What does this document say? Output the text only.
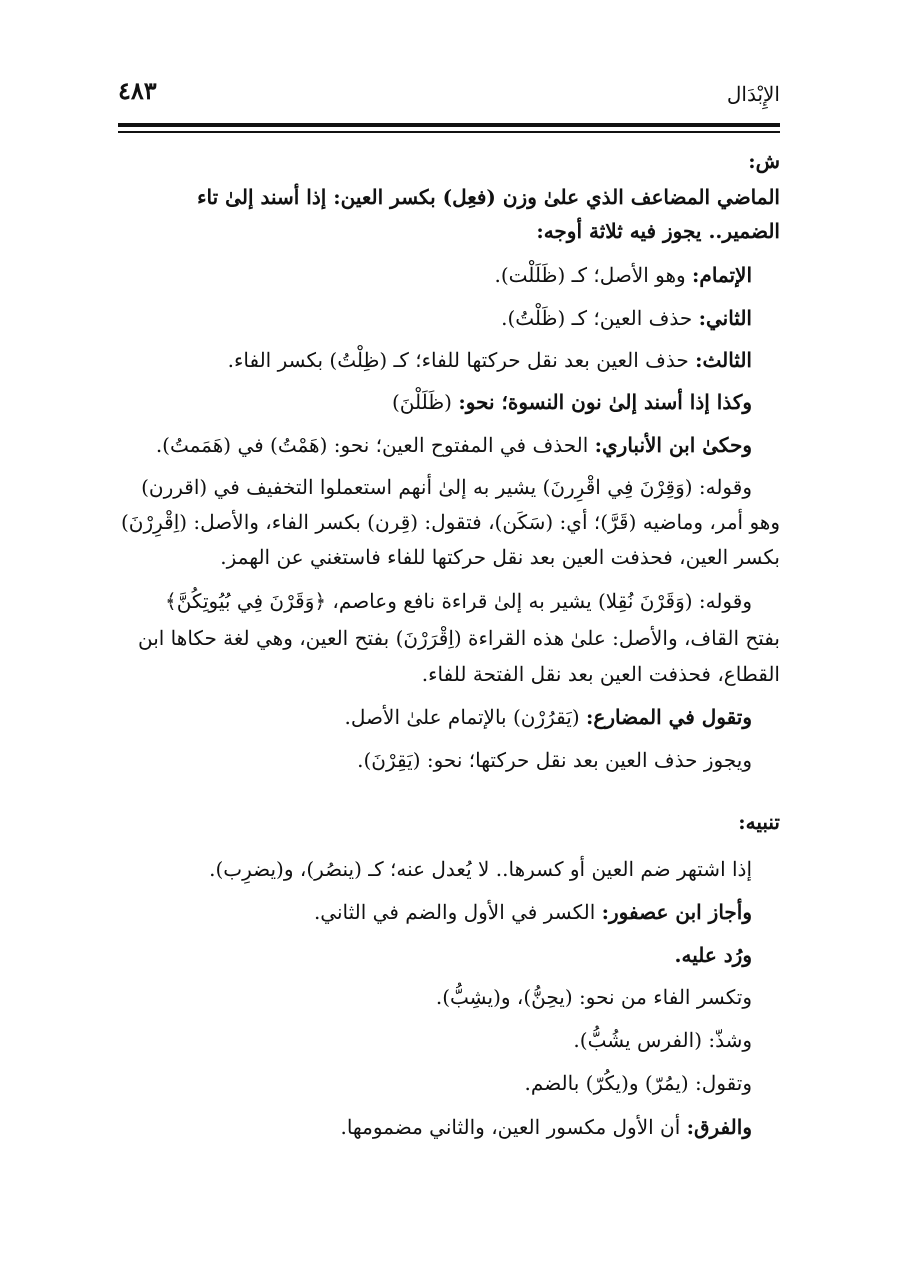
الإِبْدَال
٤٨٣
ش:
الماضي المضاعف الذي علىٰ وزن (فعِل) بكسر العين: إذا أسند إلىٰ تاء
الضمير.. يجوز فيه ثلاثة أوجه:
الإتمام: وهو الأصل؛ كـ (ظَلَلْت).
الثاني: حذف العين؛ كـ (ظَلْتُ).
الثالث: حذف العين بعد نقل حركتها للفاء؛ كـ (ظِلْتُ) بكسر الفاء.
وكذا إذا أسند إلىٰ نون النسوة؛ نحو: (ظَلَلْنَ)
وحكىٰ ابن الأنباري: الحذف في المفتوح العين؛ نحو: (هَمْتُ) في (هَمَمتُ).
وقوله: (وَقِرْنَ فِي اقْرِرنَ) يشير به إلىٰ أنهم استعملوا التخفيف في (اقررن)
وهو أمر، وماضيه (قَرَّ)؛ أي: (سَكَن)، فتقول: (قِرن) بكسر الفاء، والأصل: (اِقْرِرْنَ)
بكسر العين، فحذفت العين بعد نقل حركتها للفاء فاستغني عن الهمز.
وقوله: (وَقَرْنَ نُقِلا) يشير به إلىٰ قراءة نافع وعاصم، ﴿وَقَرْنَ فِي بُيُوتِكُنَّ﴾
بفتح القاف، والأصل: علىٰ هذه القراءة (اِقْرَرْنَ) بفتح العين، وهي لغة حكاها ابن
القطاع، فحذفت العين بعد نقل الفتحة للفاء.
وتقول في المضارع: (يَقرُرْن) بالإتمام علىٰ الأصل.
ويجوز حذف العين بعد نقل حركتها؛ نحو: (يَقِرْنَ).
تنبيه:
إذا اشتهر ضم العين أو كسرها.. لا يُعدل عنه؛ كـ (ينصُر)، و(يضرِب).
وأجاز ابن عصفور: الكسر في الأول والضم في الثاني.
ورُد عليه.
وتكسر الفاء من نحو: (يحِنُّ)، و(يشِبُّ).
وشذّ: (الفرس يشُبُّ).
وتقول: (يمُرّ) و(يكُرّ) بالضم.
والفرق: أن الأول مكسور العين، والثاني مضمومها.
